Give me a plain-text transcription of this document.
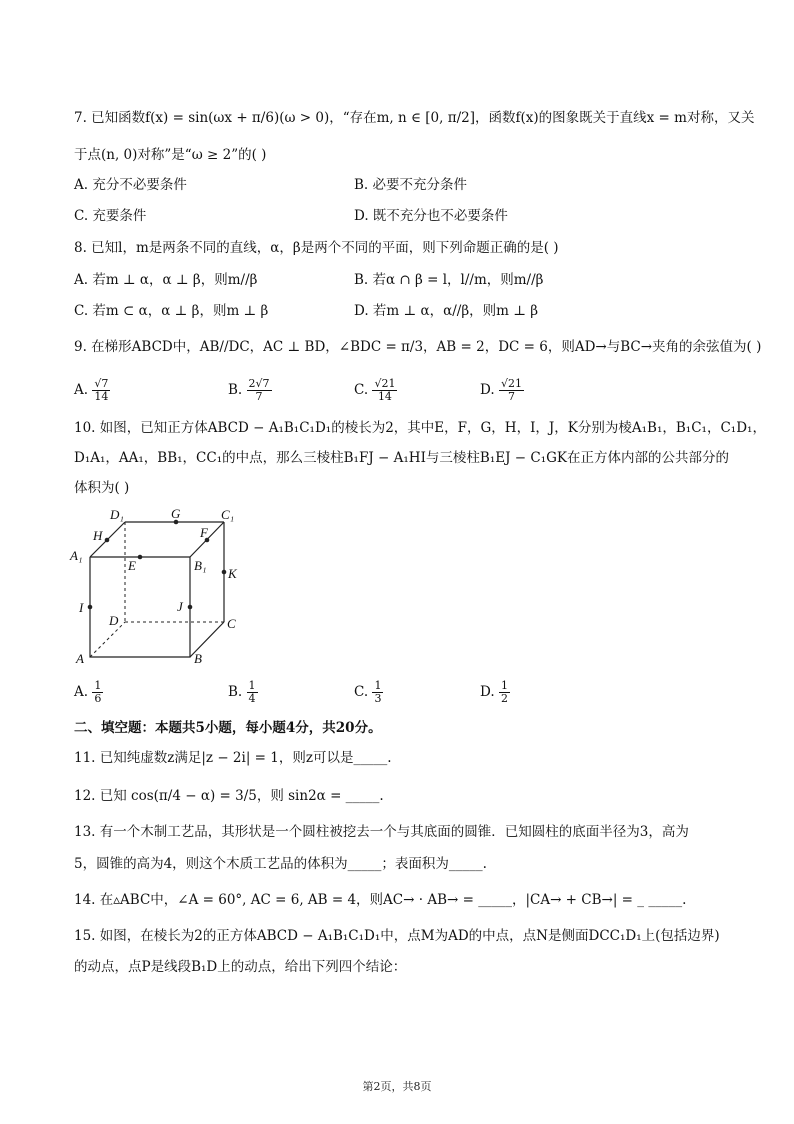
7. 已知函数f(x) = sin(ωx + π/6)(ω > 0)，“存在m, n ∈ [0, π/2]，函数f(x)的图象既关于直线x = m对称，又关
于点(n, 0)对称”是“ω ≥ 2”的( )
A. 充分不必要条件	B. 必要不充分条件
C. 充要条件	D. 既不充分也不必要条件
8. 已知l，m是两条不同的直线，α，β是两个不同的平面，则下列命题正确的是( )
A. 若m ⊥ α，α ⊥ β，则m//β	B. 若α ∩ β = l，l//m，则m//β
C. 若m ⊂ α，α ⊥ β，则m ⊥ β	D. 若m ⊥ α，α//β，则m ⊥ β
9. 在梯形ABCD中，AB//DC，AC ⊥ BD，∠BDC = π/3，AB = 2，DC = 6，则AD→与BC→夹角的余弦值为( )
A. $\frac{√7}{14}$	B. $\frac{2√7}{7}$	C. $\frac{√21}{14}$	D. $\frac{√21}{7}$
10. 如图，已知正方体ABCD − A₁B₁C₁D₁的棱长为2，其中E，F，G，H，I，J，K分别为棱A₁B₁，B₁C₁，C₁D₁，
D₁A₁，AA₁，BB₁，CC₁的中点，那么三棱柱B₁FJ − A₁HI与三棱柱B₁EJ − C₁GK在正方体内部的公共部分的
体积为( )
D₁	G	C₁
H	F
A₁
E	B₁
K
I	J
D	C
A	B
A. $\frac{1}{6}$	B. $\frac{1}{4}$	C. $\frac{1}{3}$	D. $\frac{1}{2}$
二、填空题：本题共5小题，每小题4分，共20分。
11. 已知纯虚数z满足|z − 2i| = 1，则z可以是_____.
12. 已知 cos(π/4 − α) = 3/5，则 sin2α = _____.
13. 有一个木制工艺品，其形状是一个圆柱被挖去一个与其底面的圆锥．已知圆柱的底面半径为3，高为
5，圆锥的高为4，则这个木质工艺品的体积为_____；表面积为_____.
14. 在▵ABC中，∠A = 60°, AC = 6, AB = 4，则AC→ · AB→ = _____，|CA→ + CB→| = _ _____.
15. 如图，在棱长为2的正方体ABCD − A₁B₁C₁D₁中，点M为AD的中点，点N是侧面DCC₁D₁上(包括边界)
的动点，点P是线段B₁D上的动点，给出下列四个结论：
第2页，共8页
